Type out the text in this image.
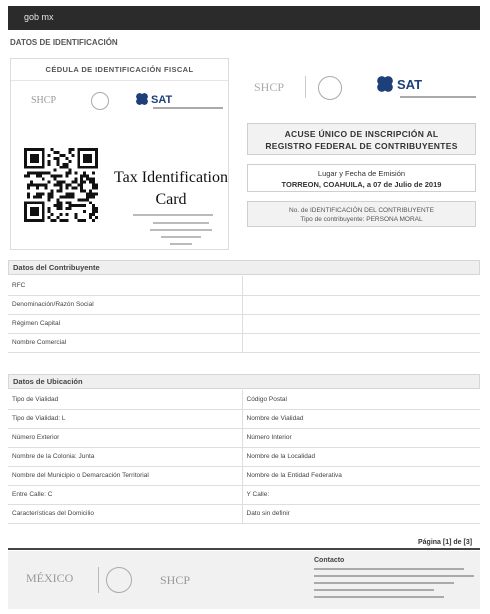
gob mx
DATOS DE IDENTIFICACIÓN
CÉDULA DE IDENTIFICACIÓN FISCAL
SHCP	SAT
Tax Identification
Card
SHCP	SAT
ACUSE ÚNICO DE INSCRIPCIÓN AL
REGISTRO FEDERAL DE CONTRIBUYENTES
Lugar y Fecha de Emisión
TORREON, COAHUILA, a 07 de Julio de 2019
No. de IDENTIFICACIÓN DEL CONTRIBUYENTE
Tipo de contribuyente: PERSONA MORAL
Datos del Contribuyente
RFC	
Denominación/Razón Social	
Régimen Capital	
Nombre Comercial	
Datos de Ubicación
Tipo de Vialidad	Código Postal
Tipo de Vialidad: L	Nombre de Vialidad
Número Exterior	Número Interior
Nombre de la Colonia: Junta	Nombre de la Localidad
Nombre del Municipio o Demarcación Territorial	Nombre de la Entidad Federativa
Entre Calle: C	Y Calle:
Características del Domicilio	Dato sin definir
Página [1] de [3]
MÉXICO	SHCP
Contacto
